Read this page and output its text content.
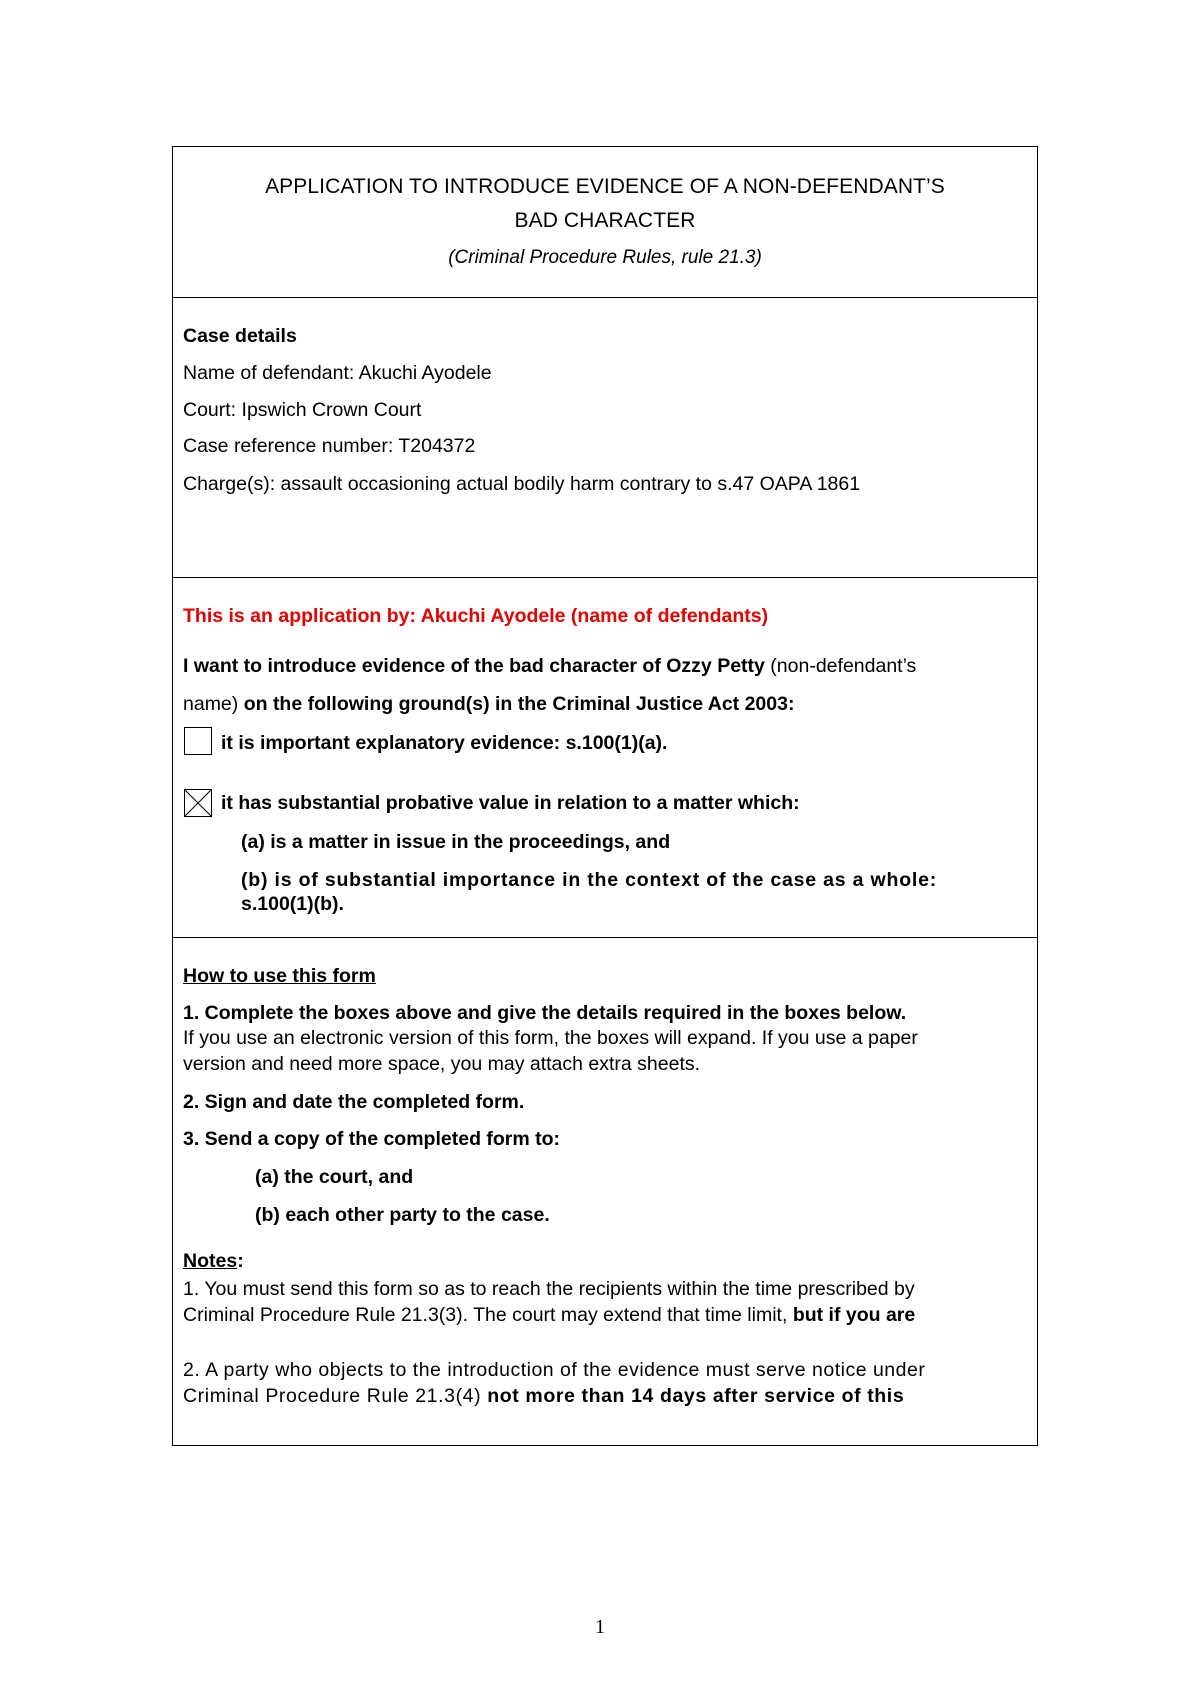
APPLICATION TO INTRODUCE EVIDENCE OF A NON-DEFENDANT’S
BAD CHARACTER
(Criminal Procedure Rules, rule 21.3)
Case details
Name of defendant: Akuchi Ayodele
Court: Ipswich Crown Court
Case reference number: T204372
Charge(s): assault occasioning actual bodily harm contrary to s.47 OAPA 1861
This is an application by: Akuchi Ayodele (name of defendants)
I want to introduce evidence of the bad character of Ozzy Petty (non-defendant’s
name) on the following ground(s) in the Criminal Justice Act 2003:
it is important explanatory evidence: s.100(1)(a).
it has substantial probative value in relation to a matter which:
(a) is a matter in issue in the proceedings, and
(b) is of substantial importance in the context of the case as a whole:
s.100(1)(b).
How to use this form
1. Complete the boxes above and give the details required in the boxes below.
If you use an electronic version of this form, the boxes will expand. If you use a paper
version and need more space, you may attach extra sheets.
2. Sign and date the completed form.
3. Send a copy of the completed form to:
(a) the court, and
(b) each other party to the case.
Notes:
1. You must send this form so as to reach the recipients within the time prescribed by
Criminal Procedure Rule 21.3(3). The court may extend that time limit, but if you are
2. A party who objects to the introduction of the evidence must serve notice under
Criminal Procedure Rule 21.3(4) not more than 14 days after service of this
1
